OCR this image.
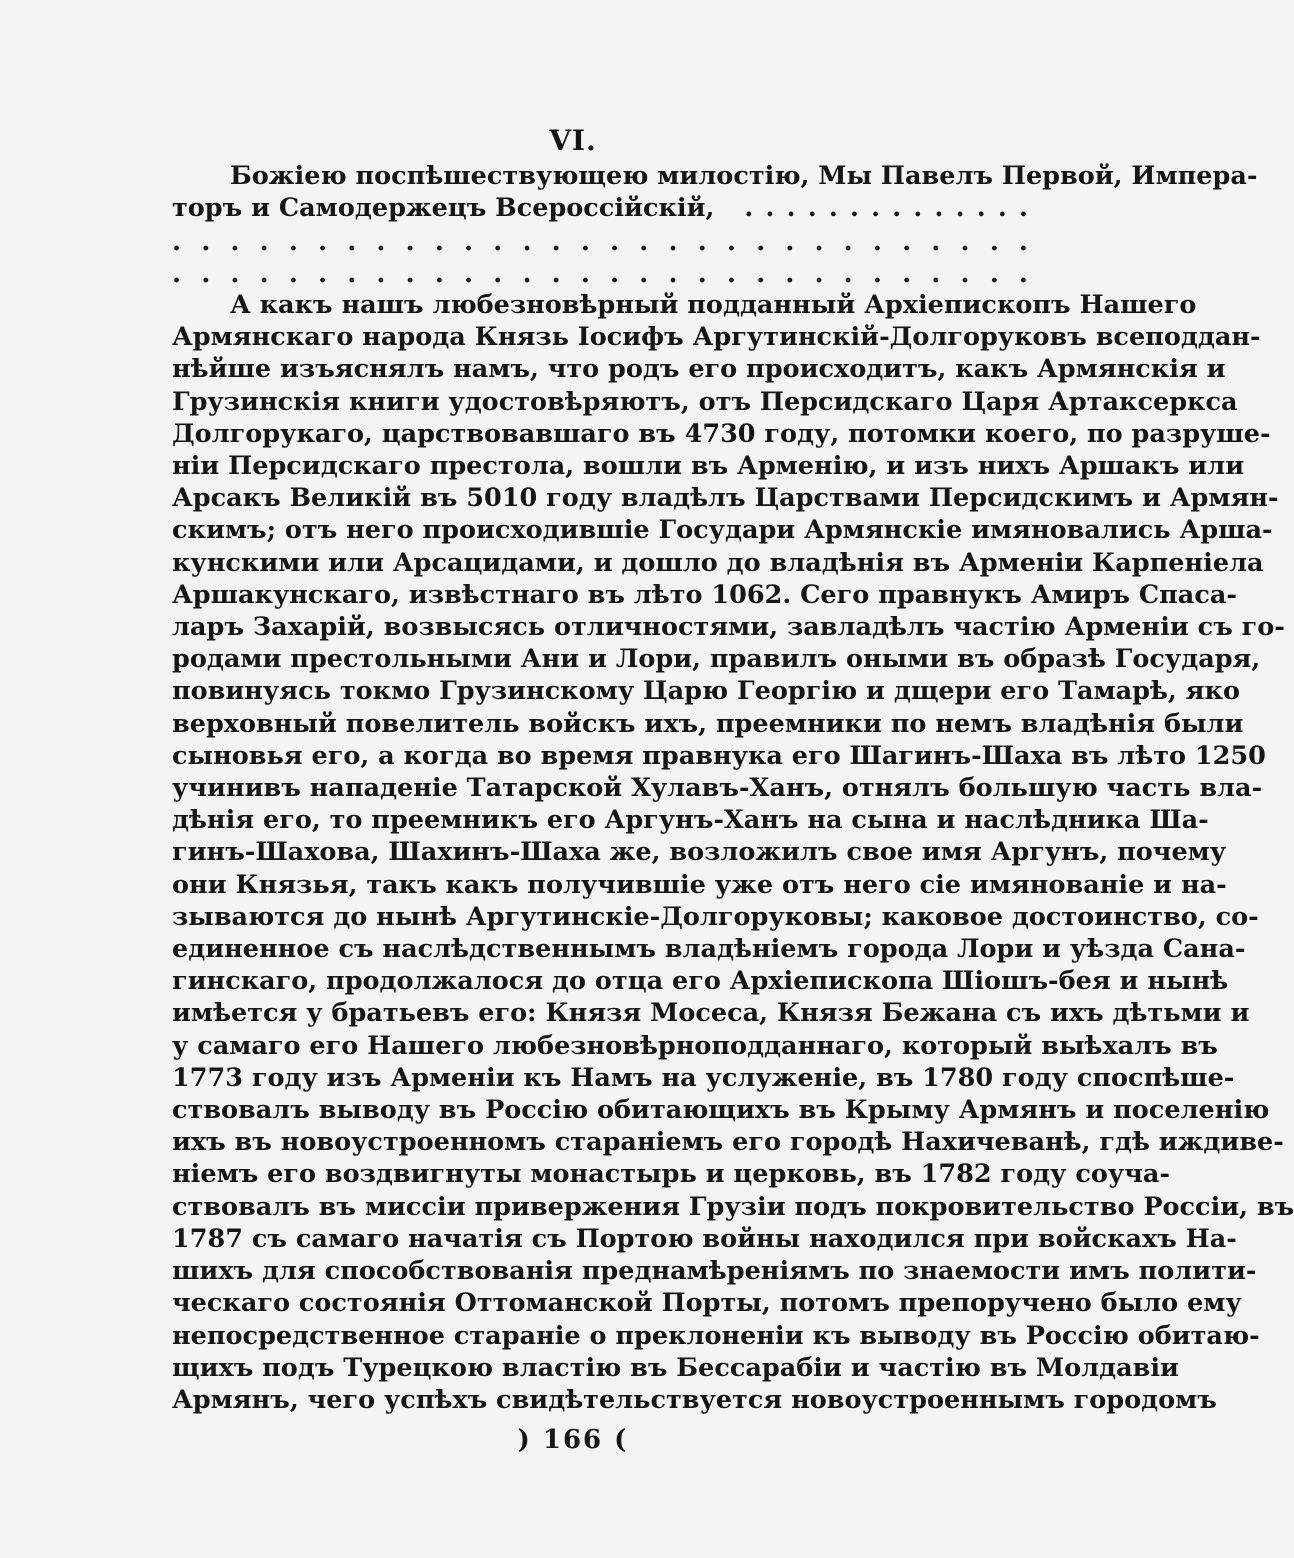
VI.
Божiею поспѣшествующею милостiю, Мы Павелъ Первой, Импера-
торъ и Самодержецъ Всероссiйскiй, . . . . . . . . . . . . . .
. . . . . . . . . . . . . . . . . . . . . . . . . . . . . .
. . . . . . . . . . . . . . . . . . . . . . . . . . . . . .
А какъ нашъ любезновѣрный подданный Архiепископъ Нашего
Армянскаго народа Князь Iосифъ Аргутинскiй-Долгоруковъ всеподдан-
нѣйше изъяснялъ намъ, что родъ его происходитъ, какъ Армянскiя и
Грузинскiя книги удостовѣряютъ, отъ Персидскаго Царя Артаксеркса
Долгорукаго, царствовавшаго въ 4730 году, потомки коего, по разруше-
нiи Персидскаго престола, вошли въ Арменiю, и изъ нихъ Аршакъ или
Арсакъ Великiй въ 5010 году владѣлъ Царствами Персидскимъ и Армян-
скимъ; отъ него происходившiе Государи Армянскiе имяновались Арша-
кунскими или Арсацидами, и дошло до владѣнiя въ Арменiи Карпенiела
Аршакунскаго, извѣстнаго въ лѣто 1062. Сего правнукъ Амиръ Спаса-
ларъ Захарiй, возвысясь отличностями, завладѣлъ частiю Арменiи съ го-
родами престольными Ани и Лори, правилъ оными въ образѣ Государя,
повинуясь токмо Грузинскому Царю Георгiю и дщери его Тамарѣ, яко
верховный повелитель войскъ ихъ, преемники по немъ владѣнiя были
сыновья его, а когда во время правнука его Шагинъ-Шаха въ лѣто 1250
учинивъ нападенiе Татарской Хулавъ-Ханъ, отнялъ большую часть вла-
дѣнiя его, то преемникъ его Аргунъ-Ханъ на сына и наслѣдника Ша-
гинъ-Шахова, Шахинъ-Шаха же, возложилъ свое имя Аргунъ, почему
они Князья, такъ какъ получившiе уже отъ него сiе имянованiе и на-
зываются до нынѣ Аргутинскiе-Долгоруковы; каковое достоинство, со-
единенное съ наслѣдственнымъ владѣнiемъ города Лори и уѣзда Сана-
гинскаго, продолжалося до отца его Архiепископа Шiошъ-бея и нынѣ
имѣется у братьевъ его: Князя Мосеса, Князя Бежана съ ихъ дѣтьми и
у самаго его Нашего любезновѣрноподданнаго, который выѣхалъ въ
1773 году изъ Арменiи къ Намъ на услуженiе, въ 1780 году споспѣше-
ствовалъ выводу въ Россiю обитающихъ въ Крыму Армянъ и поселенiю
ихъ въ новоустроенномъ старанiемъ его городѣ Нахичеванѣ, гдѣ иждиве-
нiемъ его воздвигнуты монастырь и церковь, въ 1782 году соуча-
ствовалъ въ миссiи привержения Грузiи подъ покровительство Россiи, въ
1787 съ самаго начатiя съ Портою войны находился при войскахъ На-
шихъ для способствованiя преднамѣренiямъ по знаемости имъ полити-
ческаго состоянiя Оттоманской Порты, потомъ препоручено было ему
непосредственное старанiе о преклоненiи къ выводу въ Россiю обитаю-
щихъ подъ Турецкою властiю въ Бессарабiи и частiю въ Молдавiи
Армянъ, чего успѣхъ свидѣтельствуется новоустроеннымъ городомъ
) 166 (
